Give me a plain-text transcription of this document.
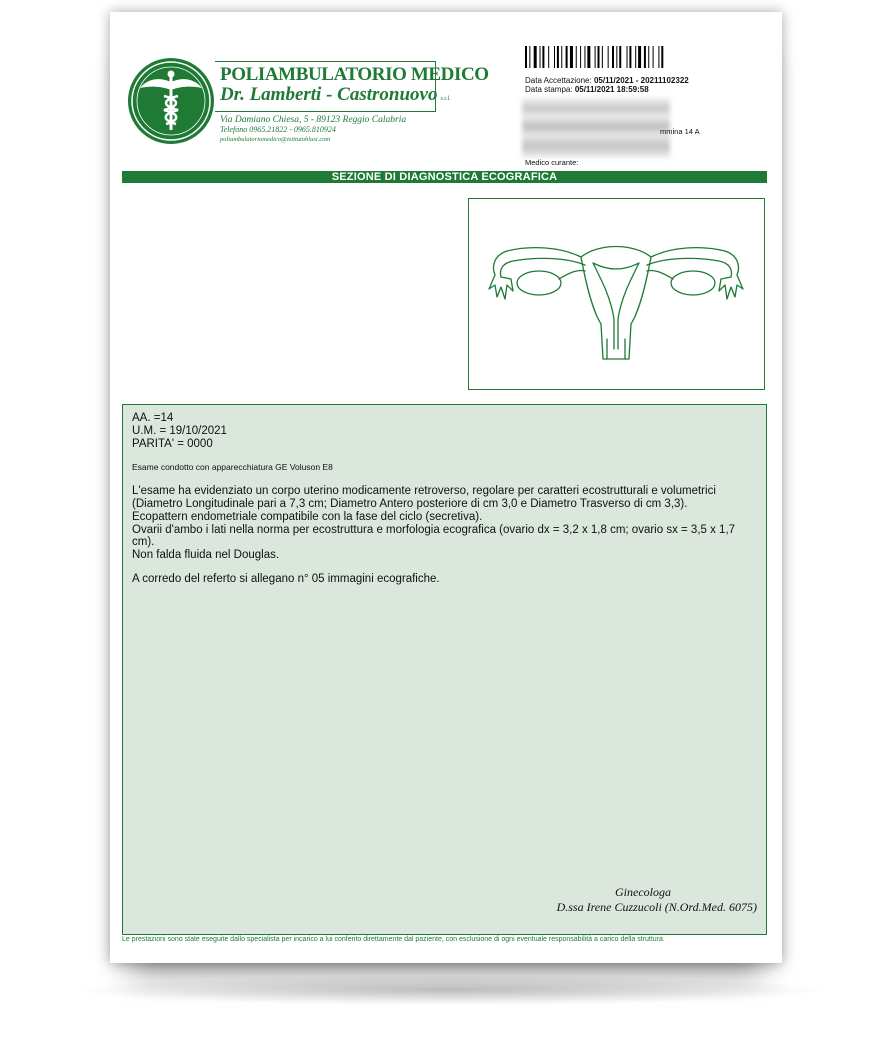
POLIAMBULATORIO MEDICO
Dr. Lamberti - Castronuovo s.r.l.
Via Damiano Chiesa, 5 - 89123 Reggio Calabria
Telefono 0965.21822 - 0965.810924
poliambulatoriomedico@istitutoblusi.com
Data Accettazione: 05/11/2021 - 20211102322
Data stampa: 05/11/2021 18:59:58
mmina 14 A
Medico curante:
SEZIONE DI DIAGNOSTICA ECOGRAFICA

AA. =14

U.M. = 19/10/2021

PARITA' = 0000

Esame condotto con apparecchiatura GE Voluson E8

L'esame ha evidenziato un corpo uterino modicamente retroverso, regolare per caratteri ecostrutturali e volumetrici (Diametro Longitudinale pari a 7,3 cm; Diametro Antero posteriore di cm 3,0 e Diametro Trasverso di cm 3,3).

Ecopattern endometriale compatibile con la fase del ciclo (secretiva).

Ovarii d'ambo i lati nella norma per ecostruttura e morfologia ecografica (ovario dx = 3,2 x 1,8 cm; ovario sx = 3,5 x 1,7 cm).

Non falda fluida nel Douglas.

A corredo del referto si allegano n° 05 immagini ecografiche.

Ginecologa
D.ssa Irene Cuzzucoli (N.Ord.Med. 6075)
Le prestazioni sono state eseguite dallo specialista per incarico a lui conferito direttamente dal paziente, con esclusione di ogni eventuale responsabilità a carico della struttura.
